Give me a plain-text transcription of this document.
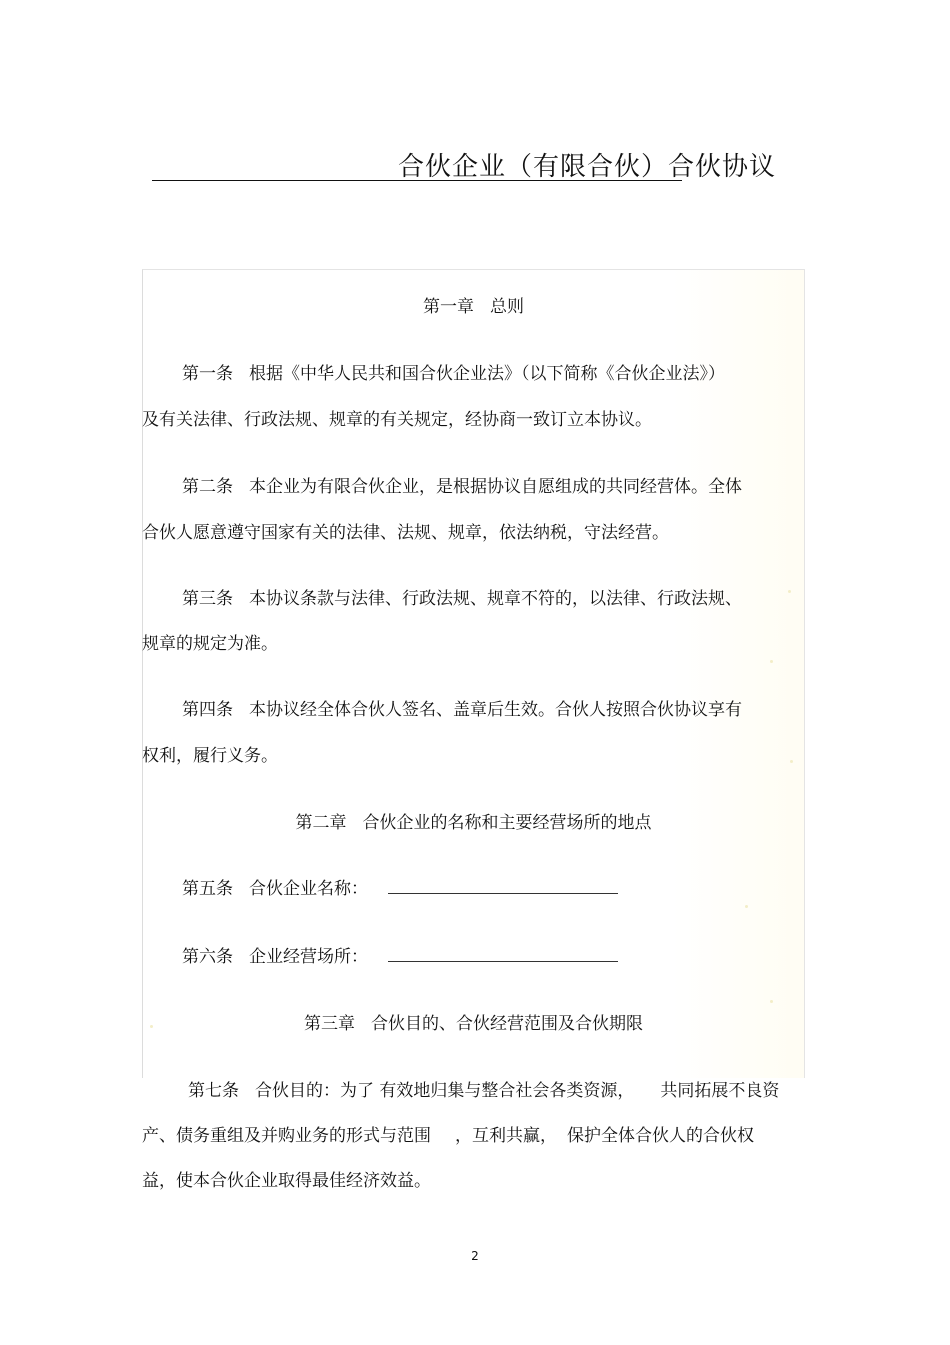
合伙企业（有限合伙）合伙协议
第一章 总则
第一条 根据《中华人民共和国合伙企业法》（以下简称《合伙企业法》）
及有关法律、行政法规、规章的有关规定，经协商一致订立本协议。
第二条 本企业为有限合伙企业，是根据协议自愿组成的共同经营体。全体
合伙人愿意遵守国家有关的法律、法规、规章，依法纳税，守法经营。
第三条 本协议条款与法律、行政法规、规章不符的，以法律、行政法规、
规章的规定为准。
第四条 本协议经全体合伙人签名、盖章后生效。合伙人按照合伙协议享有
权利，履行义务。
第二章 合伙企业的名称和主要经营场所的地点
第五条 合伙企业名称：
第六条 企业经营场所：
第三章 合伙目的、合伙经营范围及合伙期限
第七条 合伙目的：为了 有效地归集与整合社会各类资源， 共同拓展不良资
产、债务重组及并购业务的形式与范围 ，互利共赢， 保护全体合伙人的合伙权
益，使本合伙企业取得最佳经济效益。
2
